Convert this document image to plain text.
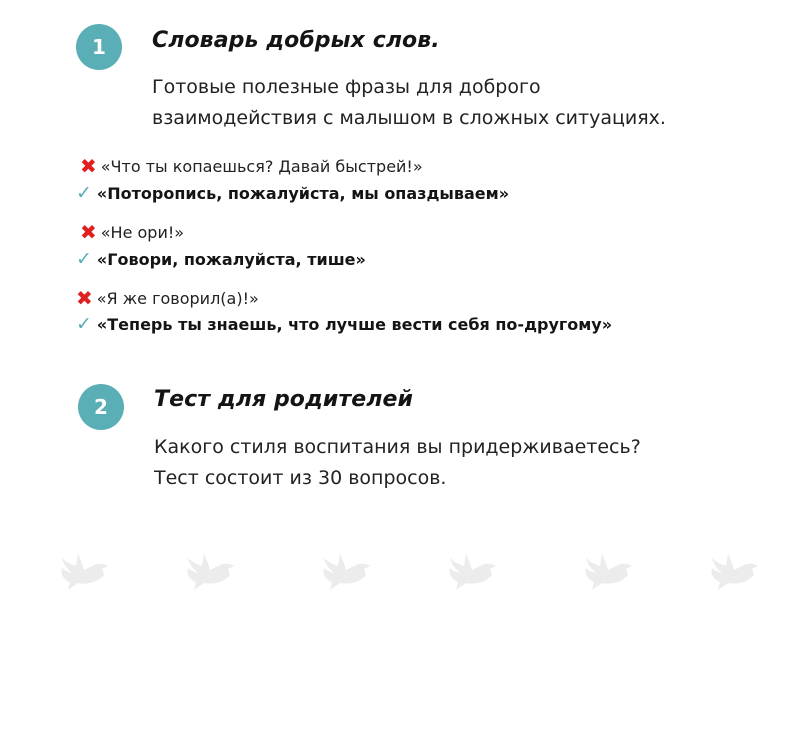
1 Словарь добрых слов.

Готовые полезные фразы для доброго
взаимодействия с малышом в сложных ситуациях.

✖ «Что ты копаешься? Давай быстрей!»
✓ «Поторопись, пожалуйста, мы опаздываем»
✖ «Не ори!»
✓ «Говори, пожалуйста, тише»
✖ «Я же говорил(а)!»
✓ «Теперь ты знаешь, что лучше вести себя по-другому»
2 Тест для родителей

Какого стиля воспитания вы придерживаетесь?
Тест состоит из 30 вопросов.
